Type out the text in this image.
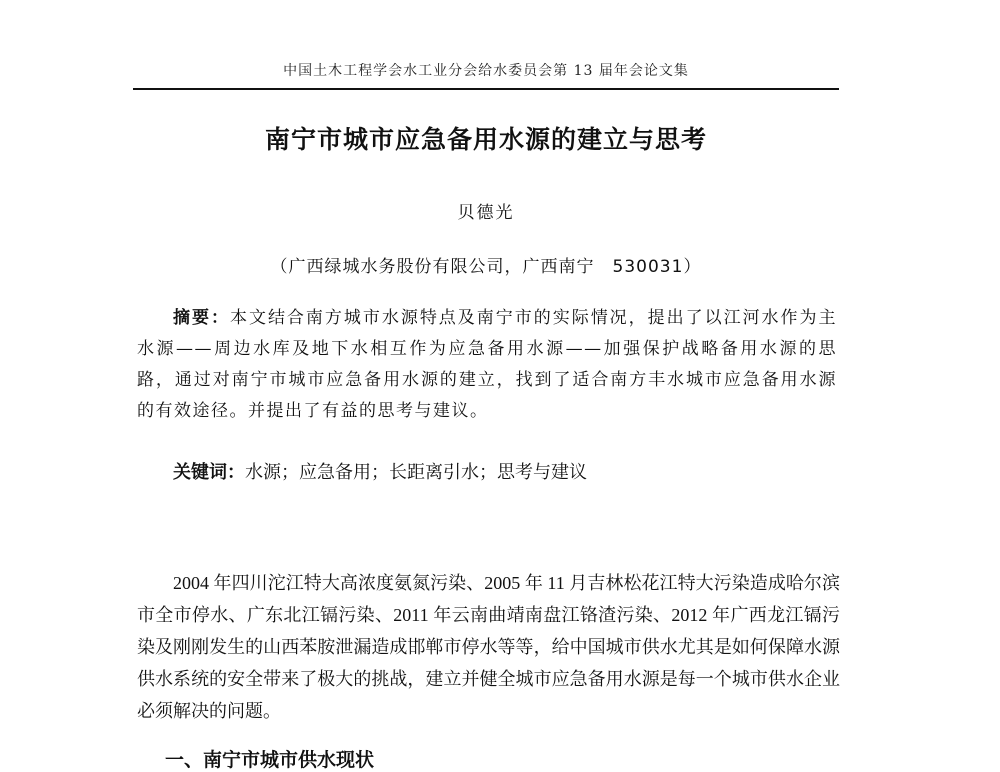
中国土木工程学会水工业分会给水委员会第 13 届年会论文集
南宁市城市应急备用水源的建立与思考
贝德光
（广西绿城水务股份有限公司，广西南宁 530031）
摘要：本文结合南方城市水源特点及南宁市的实际情况，提出了以江河水作为主水源——周边水库及地下水相互作为应急备用水源——加强保护战略备用水源的思路，通过对南宁市城市应急备用水源的建立，找到了适合南方丰水城市应急备用水源的有效途径。并提出了有益的思考与建议。
关键词：水源；应急备用；长距离引水；思考与建议
2004 年四川沱江特大高浓度氨氮污染、2005 年 11 月吉林松花江特大污染造成哈尔滨市全市停水、广东北江镉污染、2011 年云南曲靖南盘江铬渣污染、2012 年广西龙江镉污染及刚刚发生的山西苯胺泄漏造成邯郸市停水等等，给中国城市供水尤其是如何保障水源供水系统的安全带来了极大的挑战，建立并健全城市应急备用水源是每一个城市供水企业必须解决的问题。
一、南宁市城市供水现状
